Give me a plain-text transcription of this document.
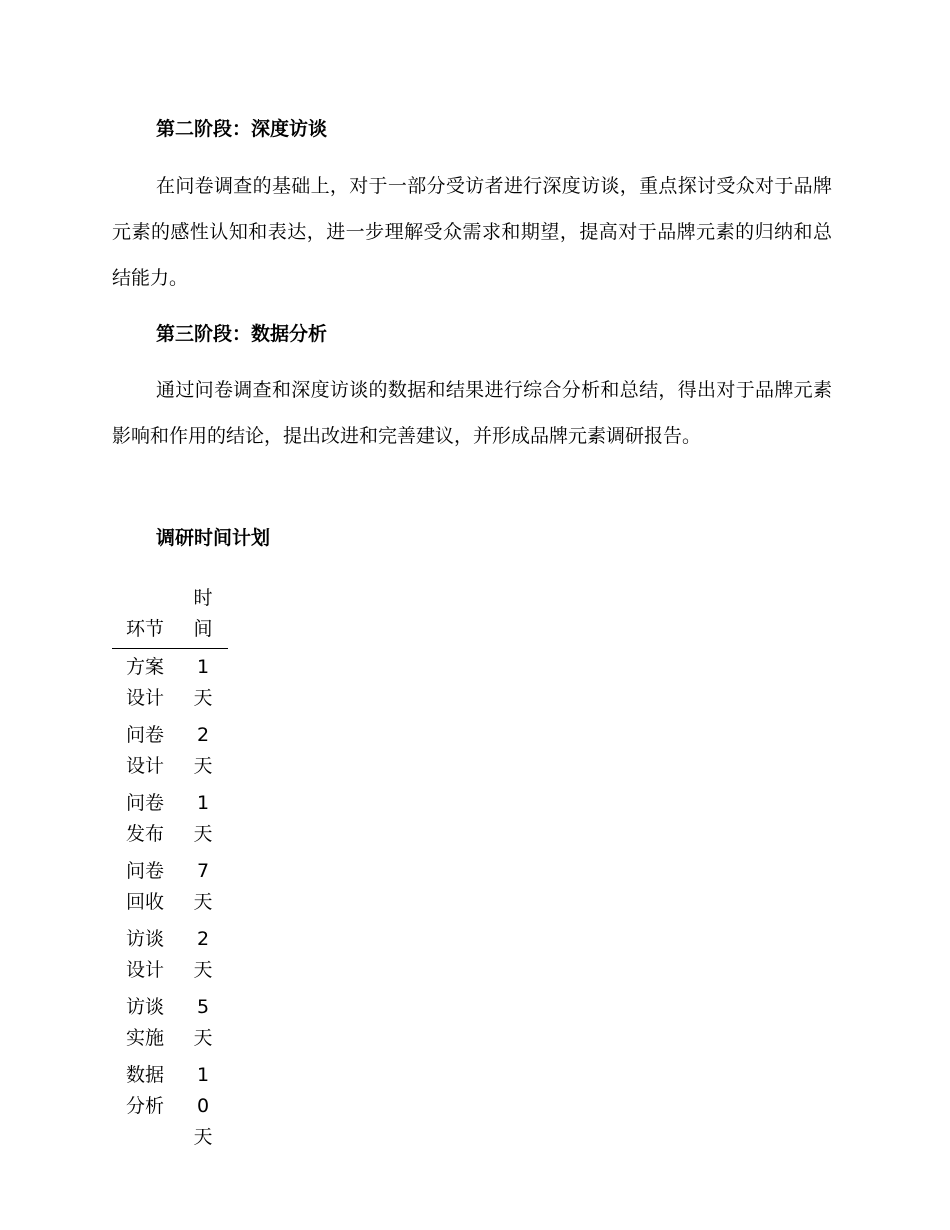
第二阶段：深度访谈

在问卷调查的基础上，对于一部分受访者进行深度访谈，重点探讨受众对于品牌元素的感性认知和表达，进一步理解受众需求和期望，提高对于品牌元素的归纳和总结能力。

第三阶段：数据分析

通过问卷调查和深度访谈的数据和结果进行综合分析和总结，得出对于品牌元素影响和作用的结论，提出改进和完善建议，并形成品牌元素调研报告。

调研时间计划
环节	时间
方案设计	1天
问卷设计	2天
问卷发布	1天
问卷回收	7天
访谈设计	2天
访谈实施	5天
数据分析	10天
